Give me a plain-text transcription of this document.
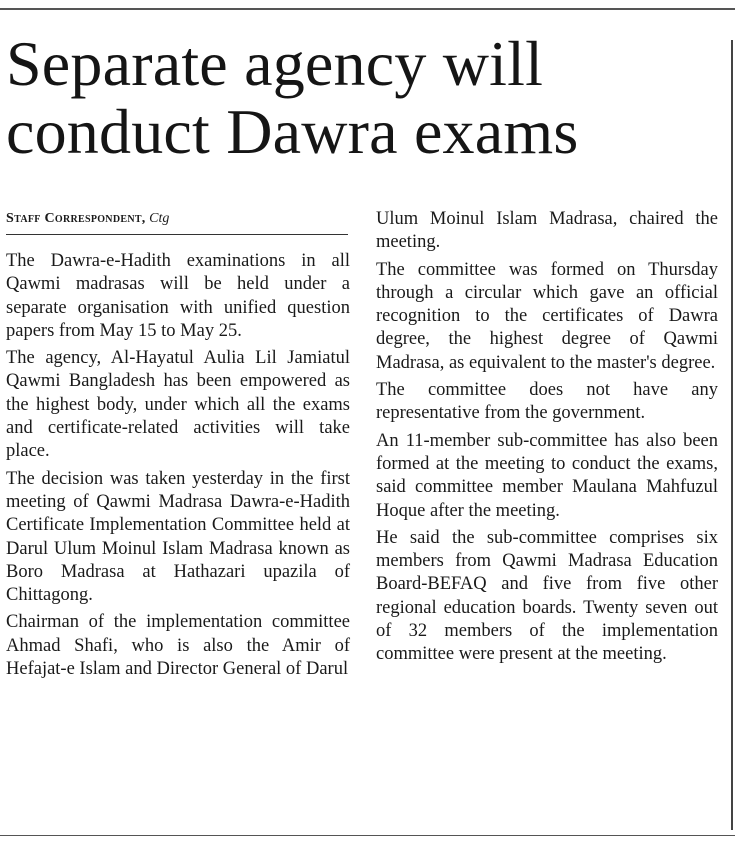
Separate agency will
conduct Dawra exams
Staff Correspondent, Ctg

The Dawra-e-Hadith examinations in all Qawmi madrasas will be held under a separate organisation with unified question papers from May 15 to May 25.

The agency, Al-Hayatul Aulia Lil Jamiatul Qawmi Bangladesh has been empowered as the highest body, under which all the exams and certificate-related activities will take place.

The decision was taken yesterday in the first meeting of Qawmi Madrasa Dawra-e-Hadith Certificate Implementation Committee held at Darul Ulum Moinul Islam Madrasa known as Boro Madrasa at Hathazari upazila of Chittagong.

Chairman of the implementation committee Ahmad Shafi, who is also the Amir of Hefajat-e Islam and Director General of Darul

Ulum Moinul Islam Madrasa, chaired the meeting.

The committee was formed on Thursday through a circular which gave an official recognition to the certificates of Dawra degree, the highest degree of Qawmi Madrasa, as equivalent to the master's degree.

The committee does not have any representative from the government.

An 11-member sub-committee has also been formed at the meeting to conduct the exams, said committee member Maulana Mahfuzul Hoque after the meeting.

He said the sub-committee comprises six members from Qawmi Madrasa Education Board-BEFAQ and five from five other regional education boards. Twenty seven out of 32 members of the implementation committee were present at the meeting.
